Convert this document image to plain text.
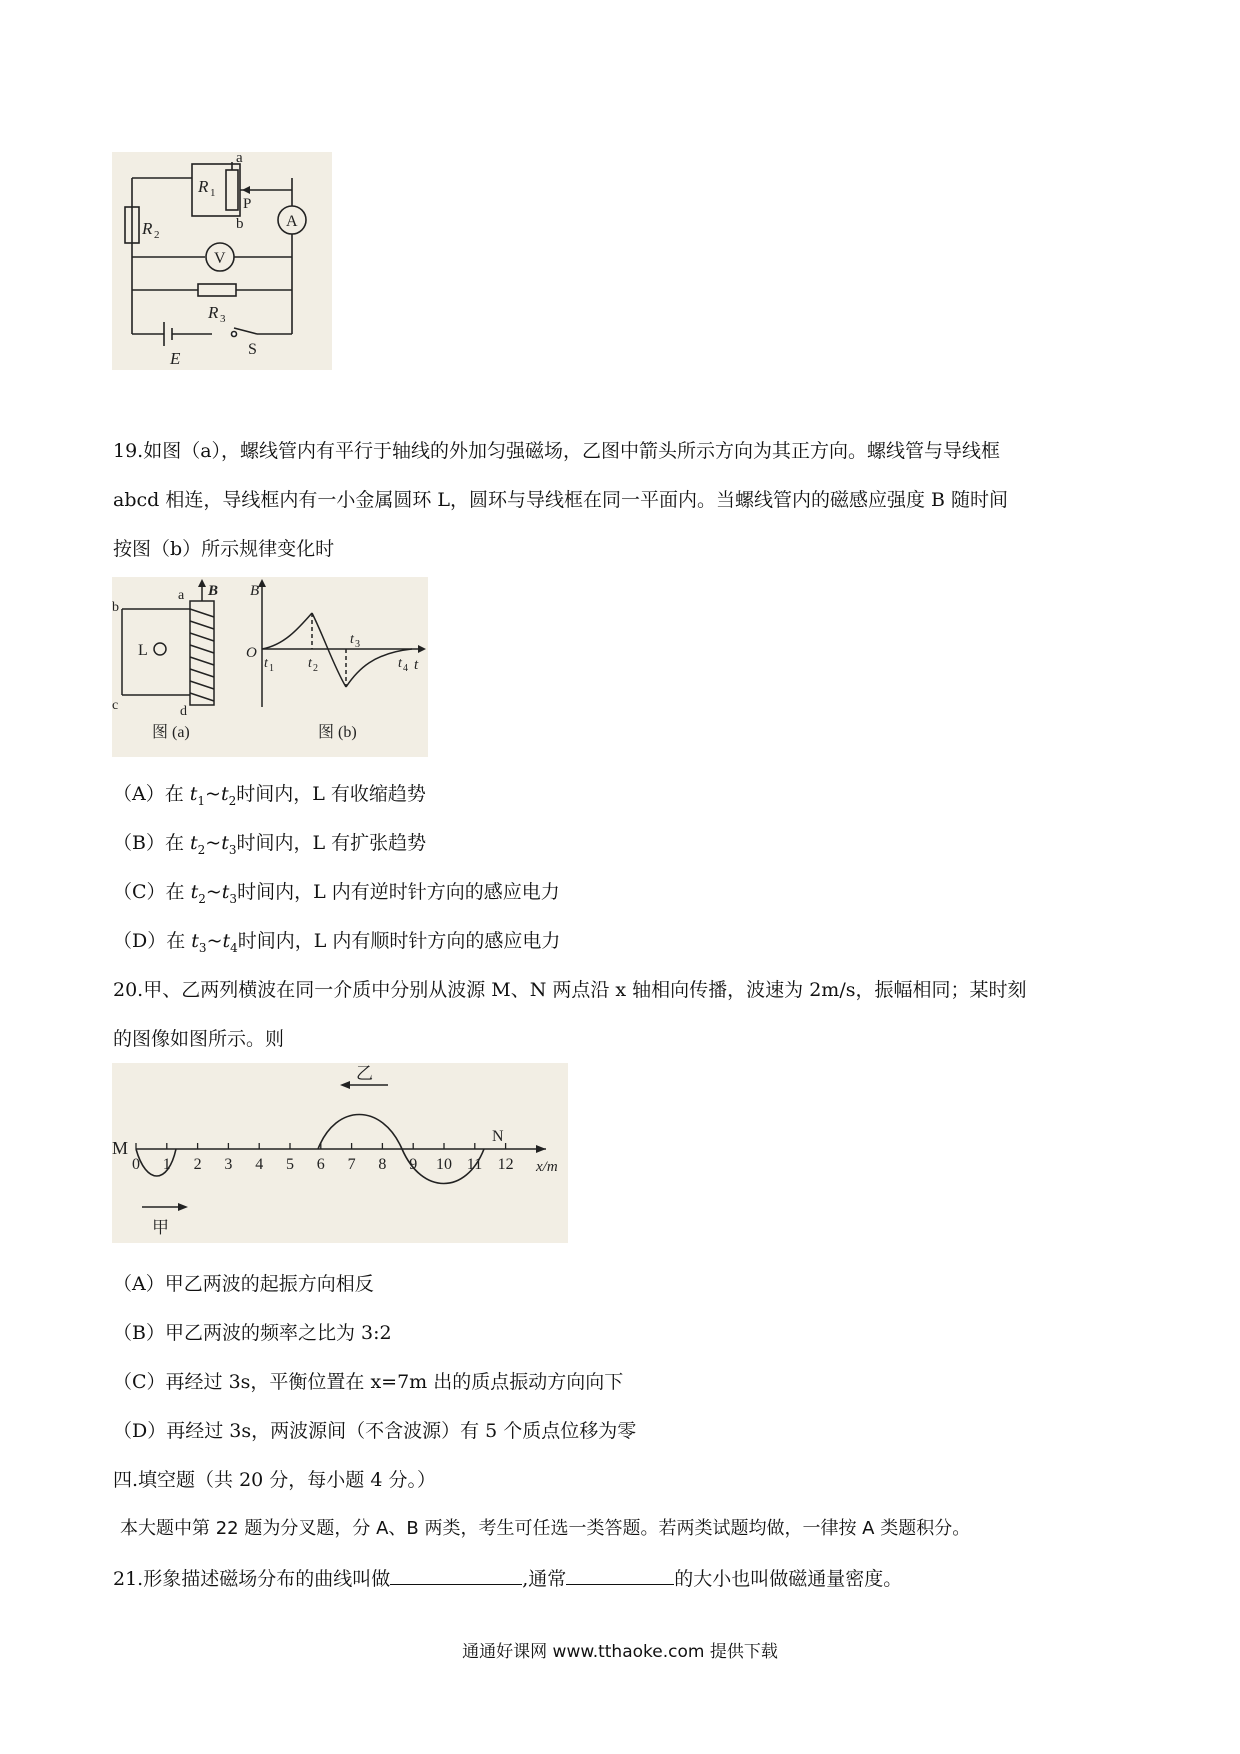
a
b
R 1
P
R 2
A
V
R 3
E	S
19.如图（a），螺线管内有平行于轴线的外加匀强磁场，乙图中箭头所示方向为其正方向。螺线管与导线框
abcd 相连，导线框内有一小金属圆环 L，圆环与导线框在同一平面内。当螺线管内的磁感应强度 B 随时间
按图（b）所示规律变化时
b
a
c	d
L
B
图 (a)
B
O
t
t 1 t 2
t 3
t 4
图 (b)
（A）在 $t_1\sim t_2$时间内，L 有收缩趋势
（B）在 $t_2\sim t_3$时间内，L 有扩张趋势
（C）在 $t_2\sim t_3$时间内，L 内有逆时针方向的感应电力
（D）在 $t_3\sim t_4$时间内，L 内有顺时针方向的感应电力
20.甲、乙两列横波在同一介质中分别从波源 M、N 两点沿 x 轴相向传播，波速为 2m/s，振幅相同；某时刻
的图像如图所示。则
0 1 2 3 4 5 6 7 8 9 10 11 12
M
N
乙
甲
x/m
（A）甲乙两波的起振方向相反
（B）甲乙两波的频率之比为 3:2
（C）再经过 3s，平衡位置在 x=7m 出的质点振动方向向下
（D）再经过 3s，两波源间（不含波源）有 5 个质点位移为零
四.填空题（共 20 分，每小题 4 分。）
本大题中第 22 题为分叉题，分 A、B 两类，考生可任选一类答题。若两类试题均做，一律按 A 类题积分。
21.形象描述磁场分布的曲线叫做	,通常	的大小也叫做磁通量密度。
通通好课网 www.tthaoke.com 提供下载
